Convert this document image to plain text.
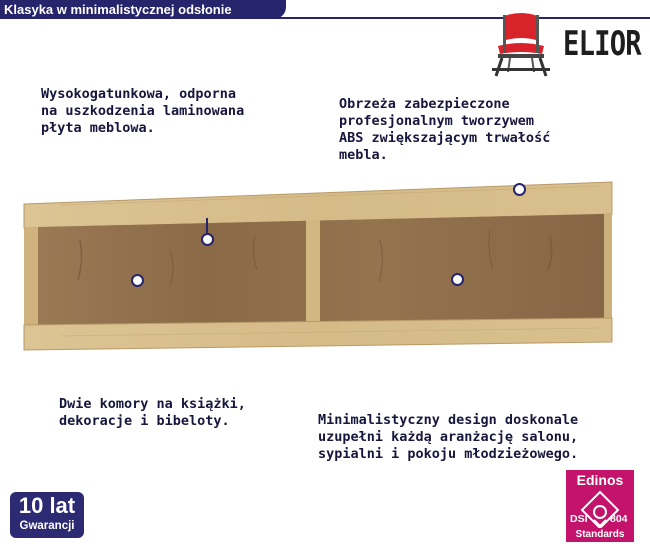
Klasyka w minimalistycznej odsłonie
ELIOR
Wysokogatunkowa, odporna
na uszkodzenia laminowana
płyta meblowa.
Obrzeża zabezpieczone
profesjonalnym tworzywem
ABS zwiększającym trwałość
mebla.
Dwie komory na książki,
dekoracje i bibeloty.	Minimalistyczny design doskonale
uzupełni każdą aranżację salonu,
sypialni i pokoju młodzieżowego.
10 lat
Gwarancji
Edinos
DSI 804
Standards
